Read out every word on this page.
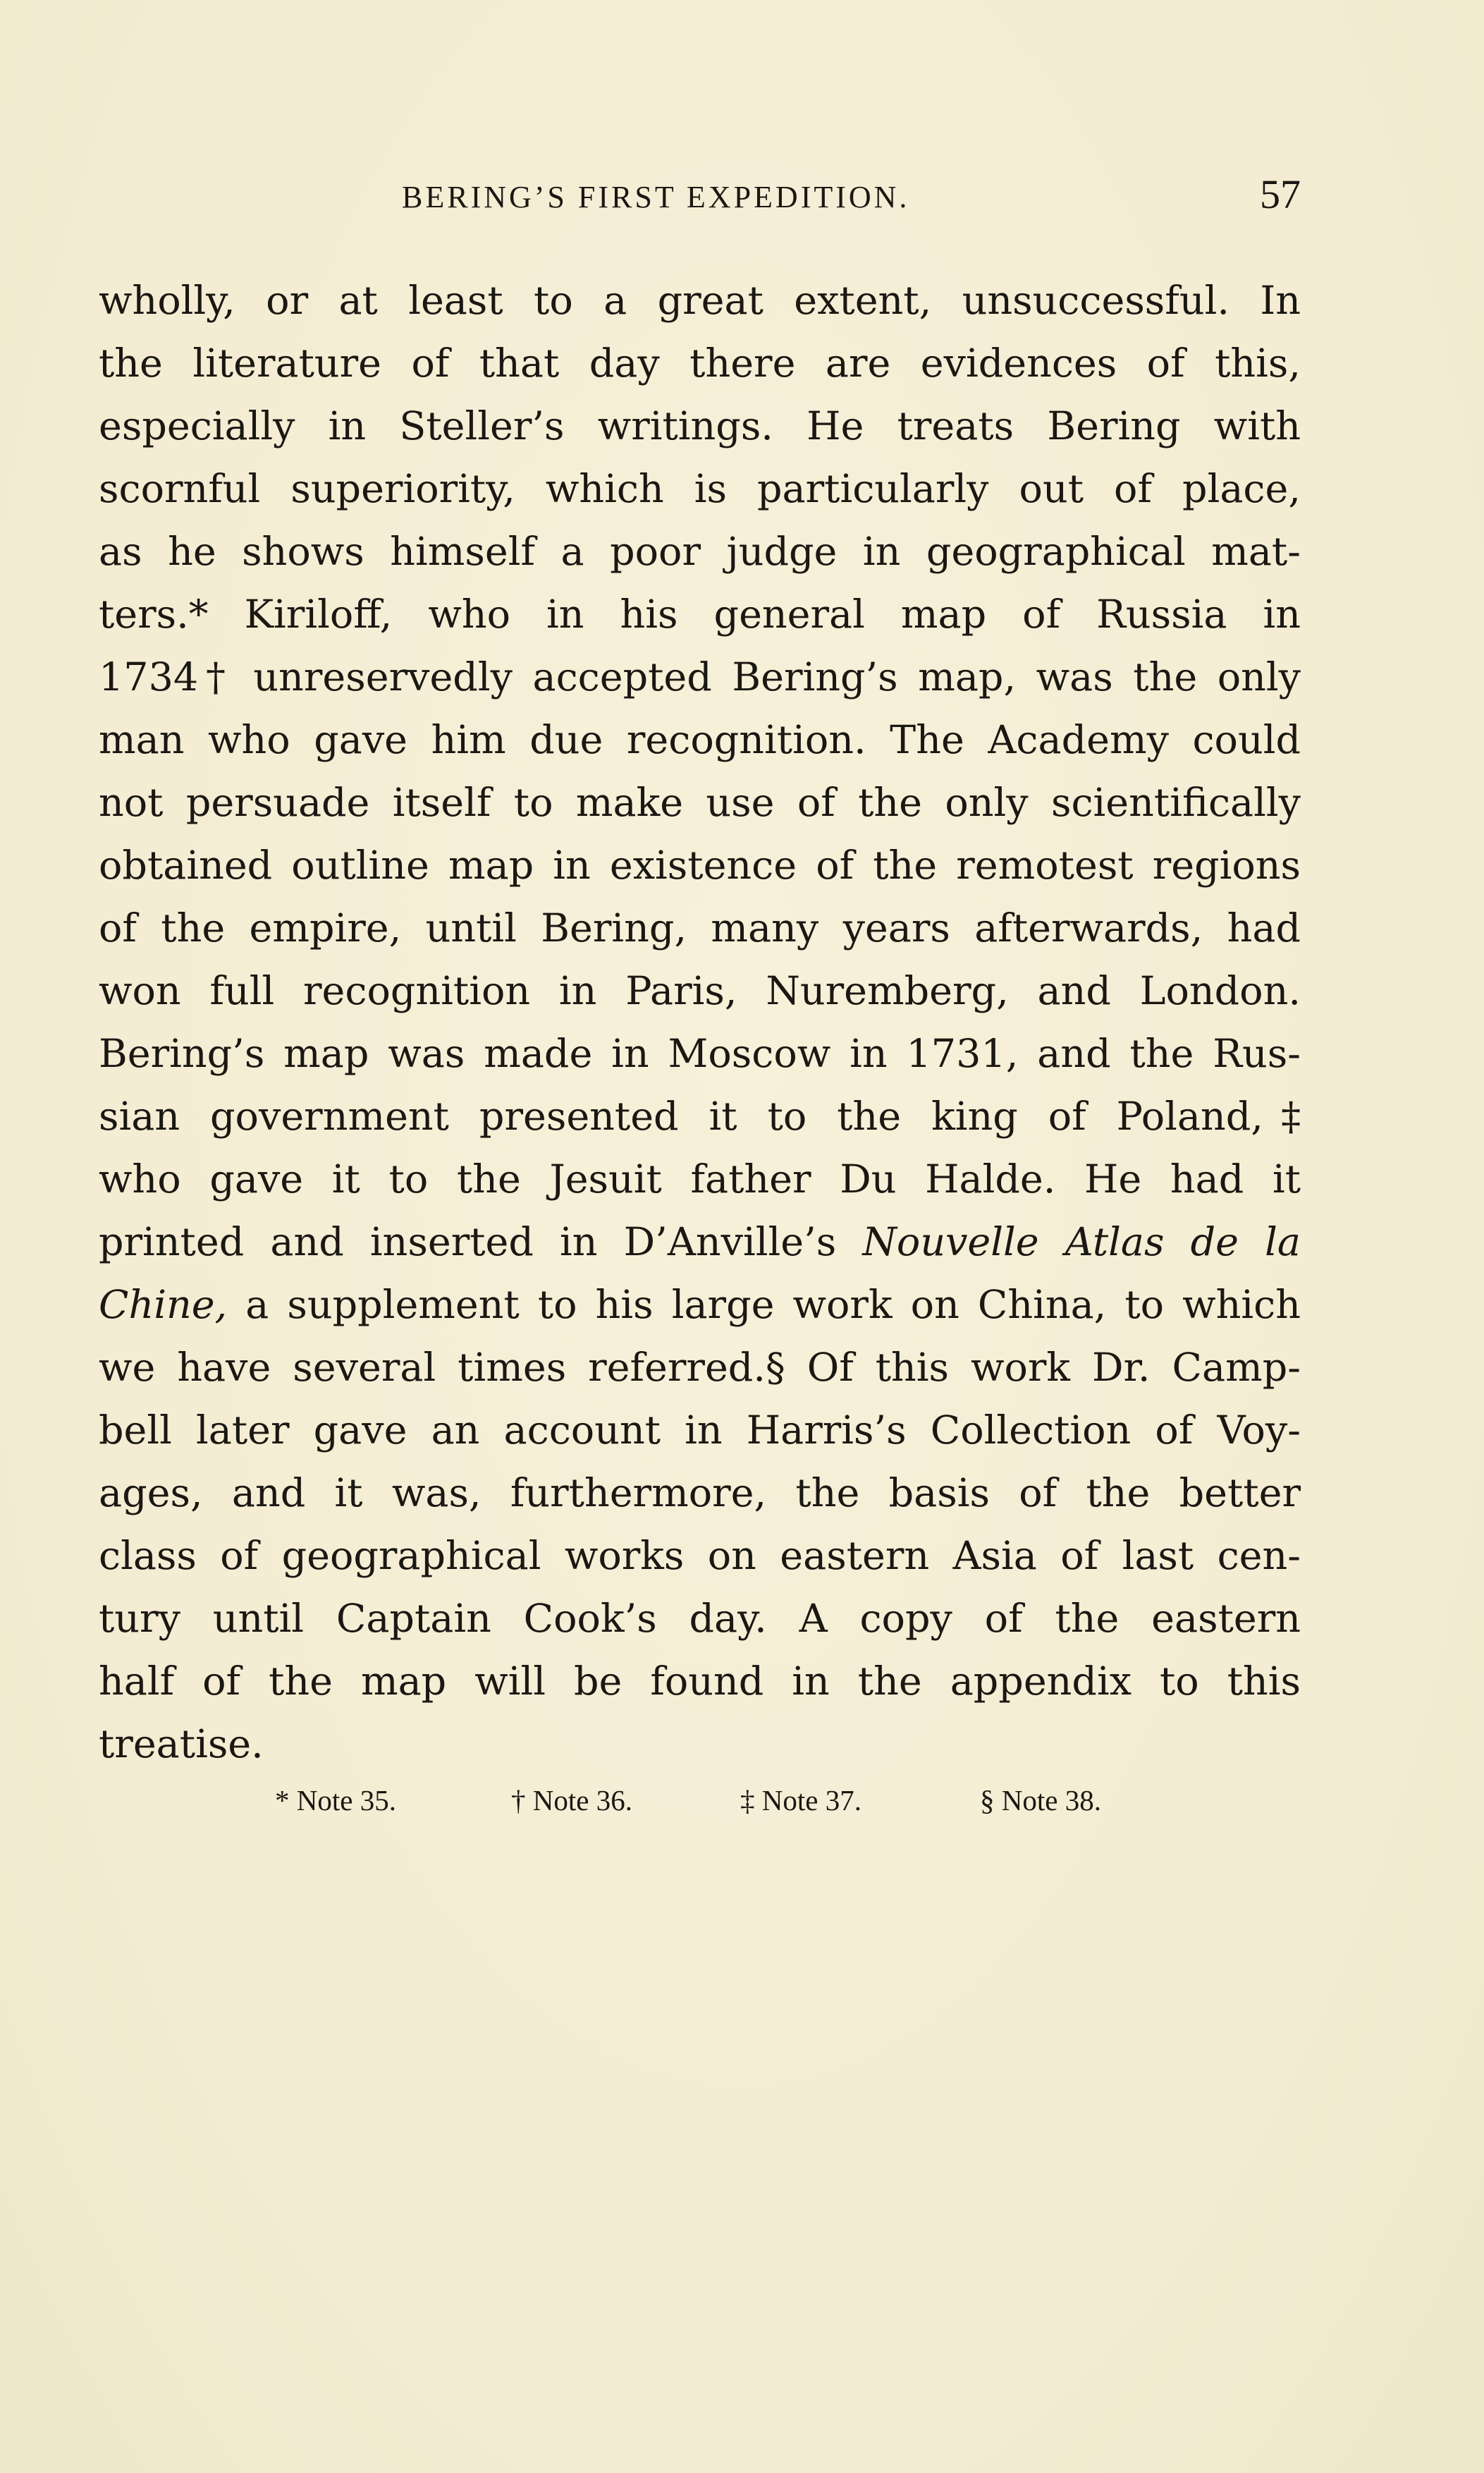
BERING’S FIRST EXPEDITION.	57
wholly, or at least to a great extent, unsuccessful. In
the literature of that day there are evidences of this,
especially in Steller’s writings. He treats Bering with
scornful superiority, which is particularly out of place,
as he shows himself a poor judge in geographical mat-
ters.* Kiriloff, who in his general map of Russia in
1734† unreservedly accepted Bering’s map, was the only
man who gave him due recognition. The Academy could
not persuade itself to make use of the only scientifically
obtained outline map in existence of the remotest regions
of the empire, until Bering, many years afterwards, had
won full recognition in Paris, Nuremberg, and London.
Bering’s map was made in Moscow in 1731, and the Rus-
sian government presented it to the king of Poland,‡
who gave it to the Jesuit father Du Halde. He had it
printed and inserted in D’Anville’s Nouvelle Atlas de la
Chine, a supplement to his large work on China, to which
we have several times referred.§ Of this work Dr. Camp-
bell later gave an account in Harris’s Collection of Voy-
ages, and it was, furthermore, the basis of the better
class of geographical works on eastern Asia of last cen-
tury until Captain Cook’s day. A copy of the eastern
half of the map will be found in the appendix to this
treatise.
* Note 35.	† Note 36.	‡ Note 37.	§ Note 38.
